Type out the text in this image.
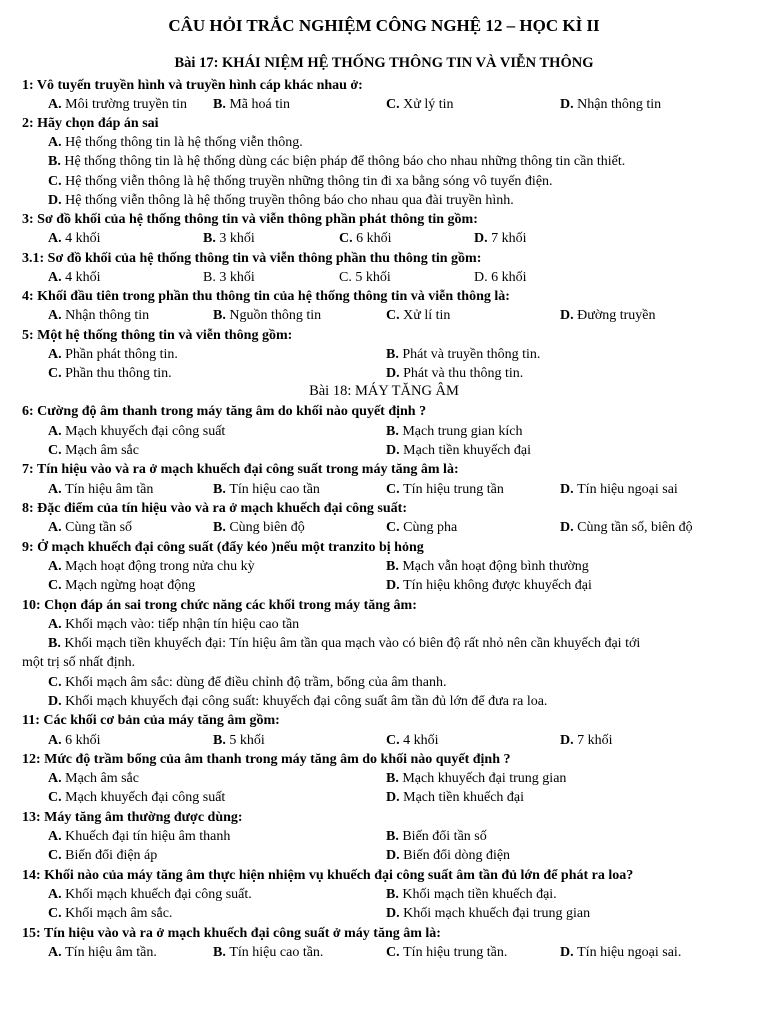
CÂU HỎI TRẮC NGHIỆM CÔNG NGHỆ 12 – HỌC KÌ II
Bài 17: KHÁI NIỆM HỆ THỐNG THÔNG TIN VÀ VIỄN THÔNG
1: Vô tuyến truyền hình và truyền hình cáp khác nhau ở:
A. Môi trường truyền tin B. Mã hoá tin	C. Xử lý tin	D. Nhận thông tin
2: Hãy chọn đáp án sai
A. Hệ thống thông tin là hệ thống viễn thông.
B. Hệ thống thông tin là hệ thống dùng các biện pháp để thông báo cho nhau những thông tin cần thiết.
C. Hệ thống viễn thông là hệ thống truyền những thông tin đi xa bằng sóng vô tuyến điện.
D. Hệ thống viễn thông là hệ thống truyền thông báo cho nhau qua đài truyền hình.
3: Sơ đồ khối của hệ thống thông tin và viễn thông phần phát thông tin gồm:
A. 4 khối	B. 3 khối	C. 6 khối	D. 7 khối
3.1: Sơ đồ khối của hệ thống thông tin và viễn thông phần thu thông tin gồm:
A. 4 khối	B. 3 khối	C. 5 khối	D. 6 khối
4: Khối đầu tiên trong phần thu thông tin của hệ thống thông tin và viễn thông là:
A. Nhận thông tin	B. Nguồn thông tin	C. Xử lí tin	D. Đường truyền
5: Một hệ thống thông tin và viễn thông gồm:
A. Phần phát thông tin.	B. Phát và truyền thông tin.
C. Phần thu thông tin.	D. Phát và thu thông tin.
Bài 18: MÁY TĂNG ÂM
6: Cường độ âm thanh trong máy tăng âm do khối nào quyết định ?
A. Mạch khuyếch đại công suất	B. Mạch trung gian kích
C. Mạch âm sắc	D. Mạch tiền khuyếch đại
7: Tín hiệu vào và ra ở mạch khuếch đại công suất trong máy tăng âm là:
A. Tín hiệu âm tần	B. Tín hiệu cao tần	C. Tín hiệu trung tần	D. Tín hiệu ngoại sai
8: Đặc điểm của tín hiệu vào và ra ở mạch khuếch đại công suất:
A. Cùng tần số	B. Cùng biên độ	C. Cùng pha	D. Cùng tần số, biên độ
9: Ở mạch khuếch đại công suất (đẩy kéo )nếu một tranzito bị hỏng
A. Mạch hoạt động trong nửa chu kỳ	B. Mạch vẫn hoạt động bình thường
C. Mạch ngừng hoạt động	D. Tín hiệu không được khuyếch đại
10: Chọn đáp án sai trong chức năng các khối trong máy tăng âm:
A. Khối mạch vào: tiếp nhận tín hiệu cao tần
B. Khối mạch tiền khuyếch đại: Tín hiệu âm tần qua mạch vào có biên độ rất nhỏ nên cần khuyếch đại tới
một trị số nhất định.
C. Khối mạch âm sắc: dùng để điều chỉnh độ trầm, bổng của âm thanh.
D. Khối mạch khuyếch đại công suất: khuyếch đại công suất âm tần đủ lớn để đưa ra loa.
11: Các khối cơ bản của máy tăng âm gồm:
A. 6 khối	B. 5 khối	C. 4 khối	D. 7 khối
12: Mức độ trầm bổng của âm thanh trong máy tăng âm do khối nào quyết định ?
A. Mạch âm sắc	B. Mạch khuyếch đại trung gian
C. Mạch khuyếch đại công suất	D. Mạch tiền khuếch đại
13: Máy tăng âm thường được dùng:
A. Khuếch đại tín hiệu âm thanh	B. Biến đổi tần số
C. Biến đổi điện áp	D. Biến đổi dòng điện
14: Khối nào của máy tăng âm thực hiện nhiệm vụ khuếch đại công suất âm tần đủ lớn để phát ra loa?
A. Khối mạch khuếch đại công suất.	B. Khối mạch tiền khuếch đại.
C. Khối mạch âm sắc.	D. Khối mạch khuếch đại trung gian
15: Tín hiệu vào và ra ở mạch khuếch đại công suất ở máy tăng âm là:
A. Tín hiệu âm tần.	B. Tín hiệu cao tần.	C. Tín hiệu trung tần.	D. Tín hiệu ngoại sai.
